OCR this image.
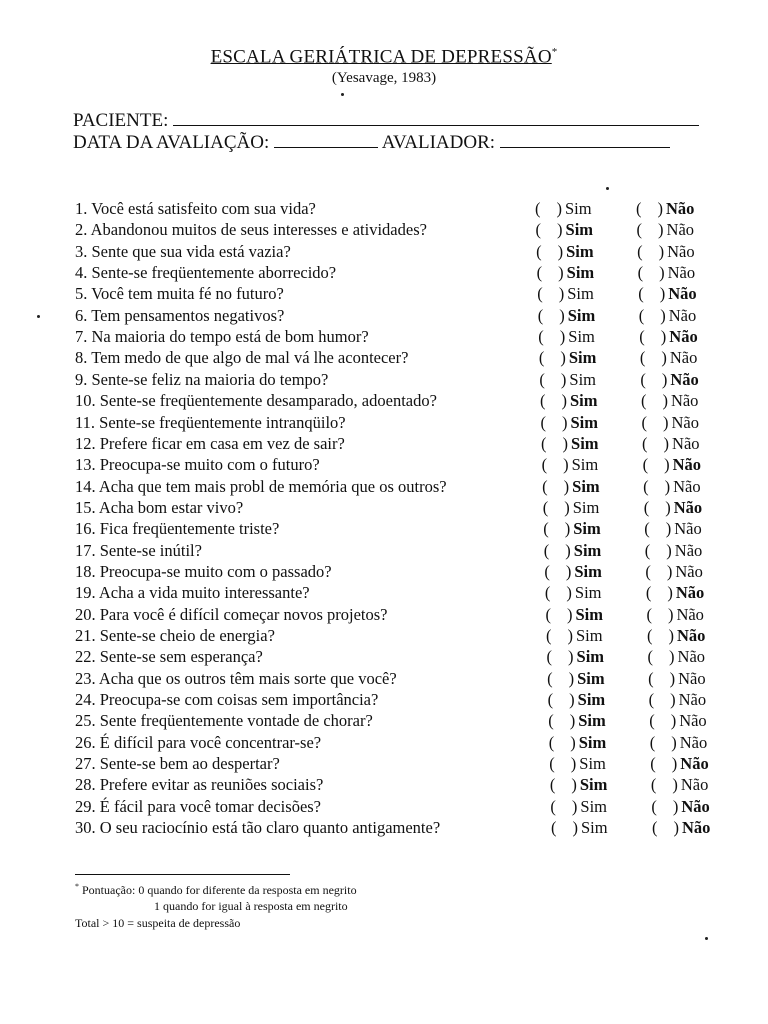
ESCALA GERIÁTRICA DE DEPRESSÃO*
(Yesavage, 1983)
PACIENTE:
DATA DA AVALIAÇÃO:	AVALIADOR:
1. Você está satisfeito com sua vida?	( ) Sim	( ) Não
2. Abandonou muitos de seus interesses e atividades?	( ) Sim	( ) Não
3. Sente que sua vida está vazia?	( ) Sim	( ) Não
4. Sente-se freqüentemente aborrecido?	( ) Sim	( ) Não
5. Você tem muita fé no futuro?	( ) Sim	( ) Não
6. Tem pensamentos negativos?	( ) Sim	( ) Não
7. Na maioria do tempo está de bom humor?	( ) Sim	( ) Não
8. Tem medo de que algo de mal vá lhe acontecer?	( ) Sim	( ) Não
9. Sente-se feliz na maioria do tempo?	( ) Sim	( ) Não
10. Sente-se freqüentemente desamparado, adoentado?	( ) Sim	( ) Não
11. Sente-se freqüentemente intranqüilo?	( ) Sim	( ) Não
12. Prefere ficar em casa em vez de sair?	( ) Sim	( ) Não
13. Preocupa-se muito com o futuro?	( ) Sim	( ) Não
14. Acha que tem mais probl de memória que os outros?	( ) Sim	( ) Não
15. Acha bom estar vivo?	( ) Sim	( ) Não
16. Fica freqüentemente triste?	( ) Sim	( ) Não
17. Sente-se inútil?	( ) Sim	( ) Não
18. Preocupa-se muito com o passado?	( ) Sim	( ) Não
19. Acha a vida muito interessante?	( ) Sim	( ) Não
20. Para você é difícil começar novos projetos?	( ) Sim	( ) Não
21. Sente-se cheio de energia?	( ) Sim	( ) Não
22. Sente-se sem esperança?	( ) Sim	( ) Não
23. Acha que os outros têm mais sorte que você?	( ) Sim	( ) Não
24. Preocupa-se com coisas sem importância?	( ) Sim	( ) Não
25. Sente freqüentemente vontade de chorar?	( ) Sim	( ) Não
26. É difícil para você concentrar-se?	( ) Sim	( ) Não
27. Sente-se bem ao despertar?	( ) Sim	( ) Não
28. Prefere evitar as reuniões sociais?	( ) Sim	( ) Não
29. É fácil para você tomar decisões?	( ) Sim	( ) Não
30. O seu raciocínio está tão claro quanto antigamente?	( ) Sim	( ) Não
* Pontuação: 0 quando for diferente da resposta em negrito
1 quando for igual à resposta em negrito
Total > 10 = suspeita de depressão
